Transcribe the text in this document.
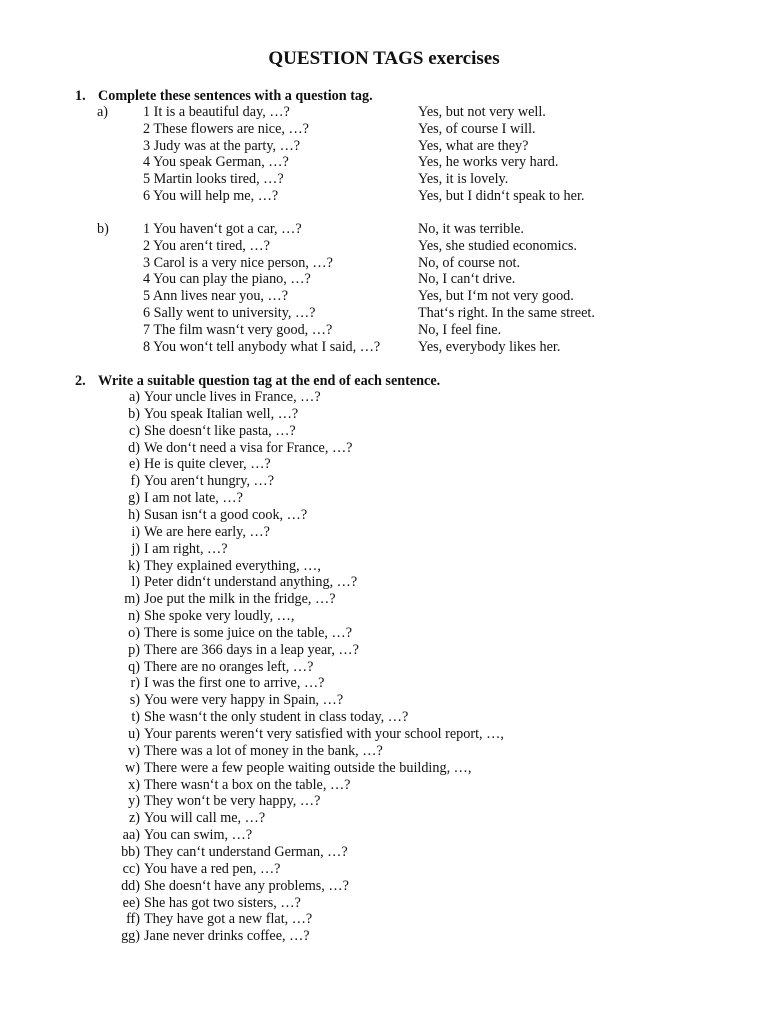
QUESTION TAGS exercises
1. Complete these sentences with a question tag.
a) 1 It is a beautiful day, …?	Yes, but not very well.
2 These flowers are nice, …?	Yes, of course I will.
3 Judy was at the party, …?	Yes, what are they?
4 You speak German, …?	Yes, he works very hard.
5 Martin looks tired, …?	Yes, it is lovely.
6 You will help me, …?	Yes, but I didn‘t speak to her.
b) 1 You haven‘t got a car, …?	No, it was terrible.
2 You aren‘t tired, …?	Yes, she studied economics.
3 Carol is a very nice person, …?	No, of course not.
4 You can play the piano, …?	No, I can‘t drive.
5 Ann lives near you, …?	Yes, but I‘m not very good.
6 Sally went to university, …?	That‘s right. In the same street.
7 The film wasn‘t very good, …?	No, I feel fine.
8 You won‘t tell anybody what I said, …?	Yes, everybody likes her.
2. Write a suitable question tag at the end of each sentence.
a) Your uncle lives in France, …?
b) You speak Italian well, …?
c) She doesn‘t like pasta, …?
d) We don‘t need a visa for France, …?
e) He is quite clever, …?
f) You aren‘t hungry, …?
g) I am not late, …?
h) Susan isn‘t a good cook, …?
i) We are here early, …?
j) I am right, …?
k) They explained everything, …,
l) Peter didn‘t understand anything, …?
m) Joe put the milk in the fridge, …?
n) She spoke very loudly, …,
o) There is some juice on the table, …?
p) There are 366 days in a leap year, …?
q) There are no oranges left, …?
r) I was the first one to arrive, …?
s) You were very happy in Spain, …?
t) She wasn‘t the only student in class today, …?
u) Your parents weren‘t very satisfied with your school report, …,
v) There was a lot of money in the bank, …?
w) There were a few people waiting outside the building, …,
x) There wasn‘t a box on the table, …?
y) They won‘t be very happy, …?
z) You will call me, …?
aa) You can swim, …?
bb) They can‘t understand German, …?
cc) You have a red pen, …?
dd) She doesn‘t have any problems, …?
ee) She has got two sisters, …?
ff) They have got a new flat, …?
gg) Jane never drinks coffee, …?
